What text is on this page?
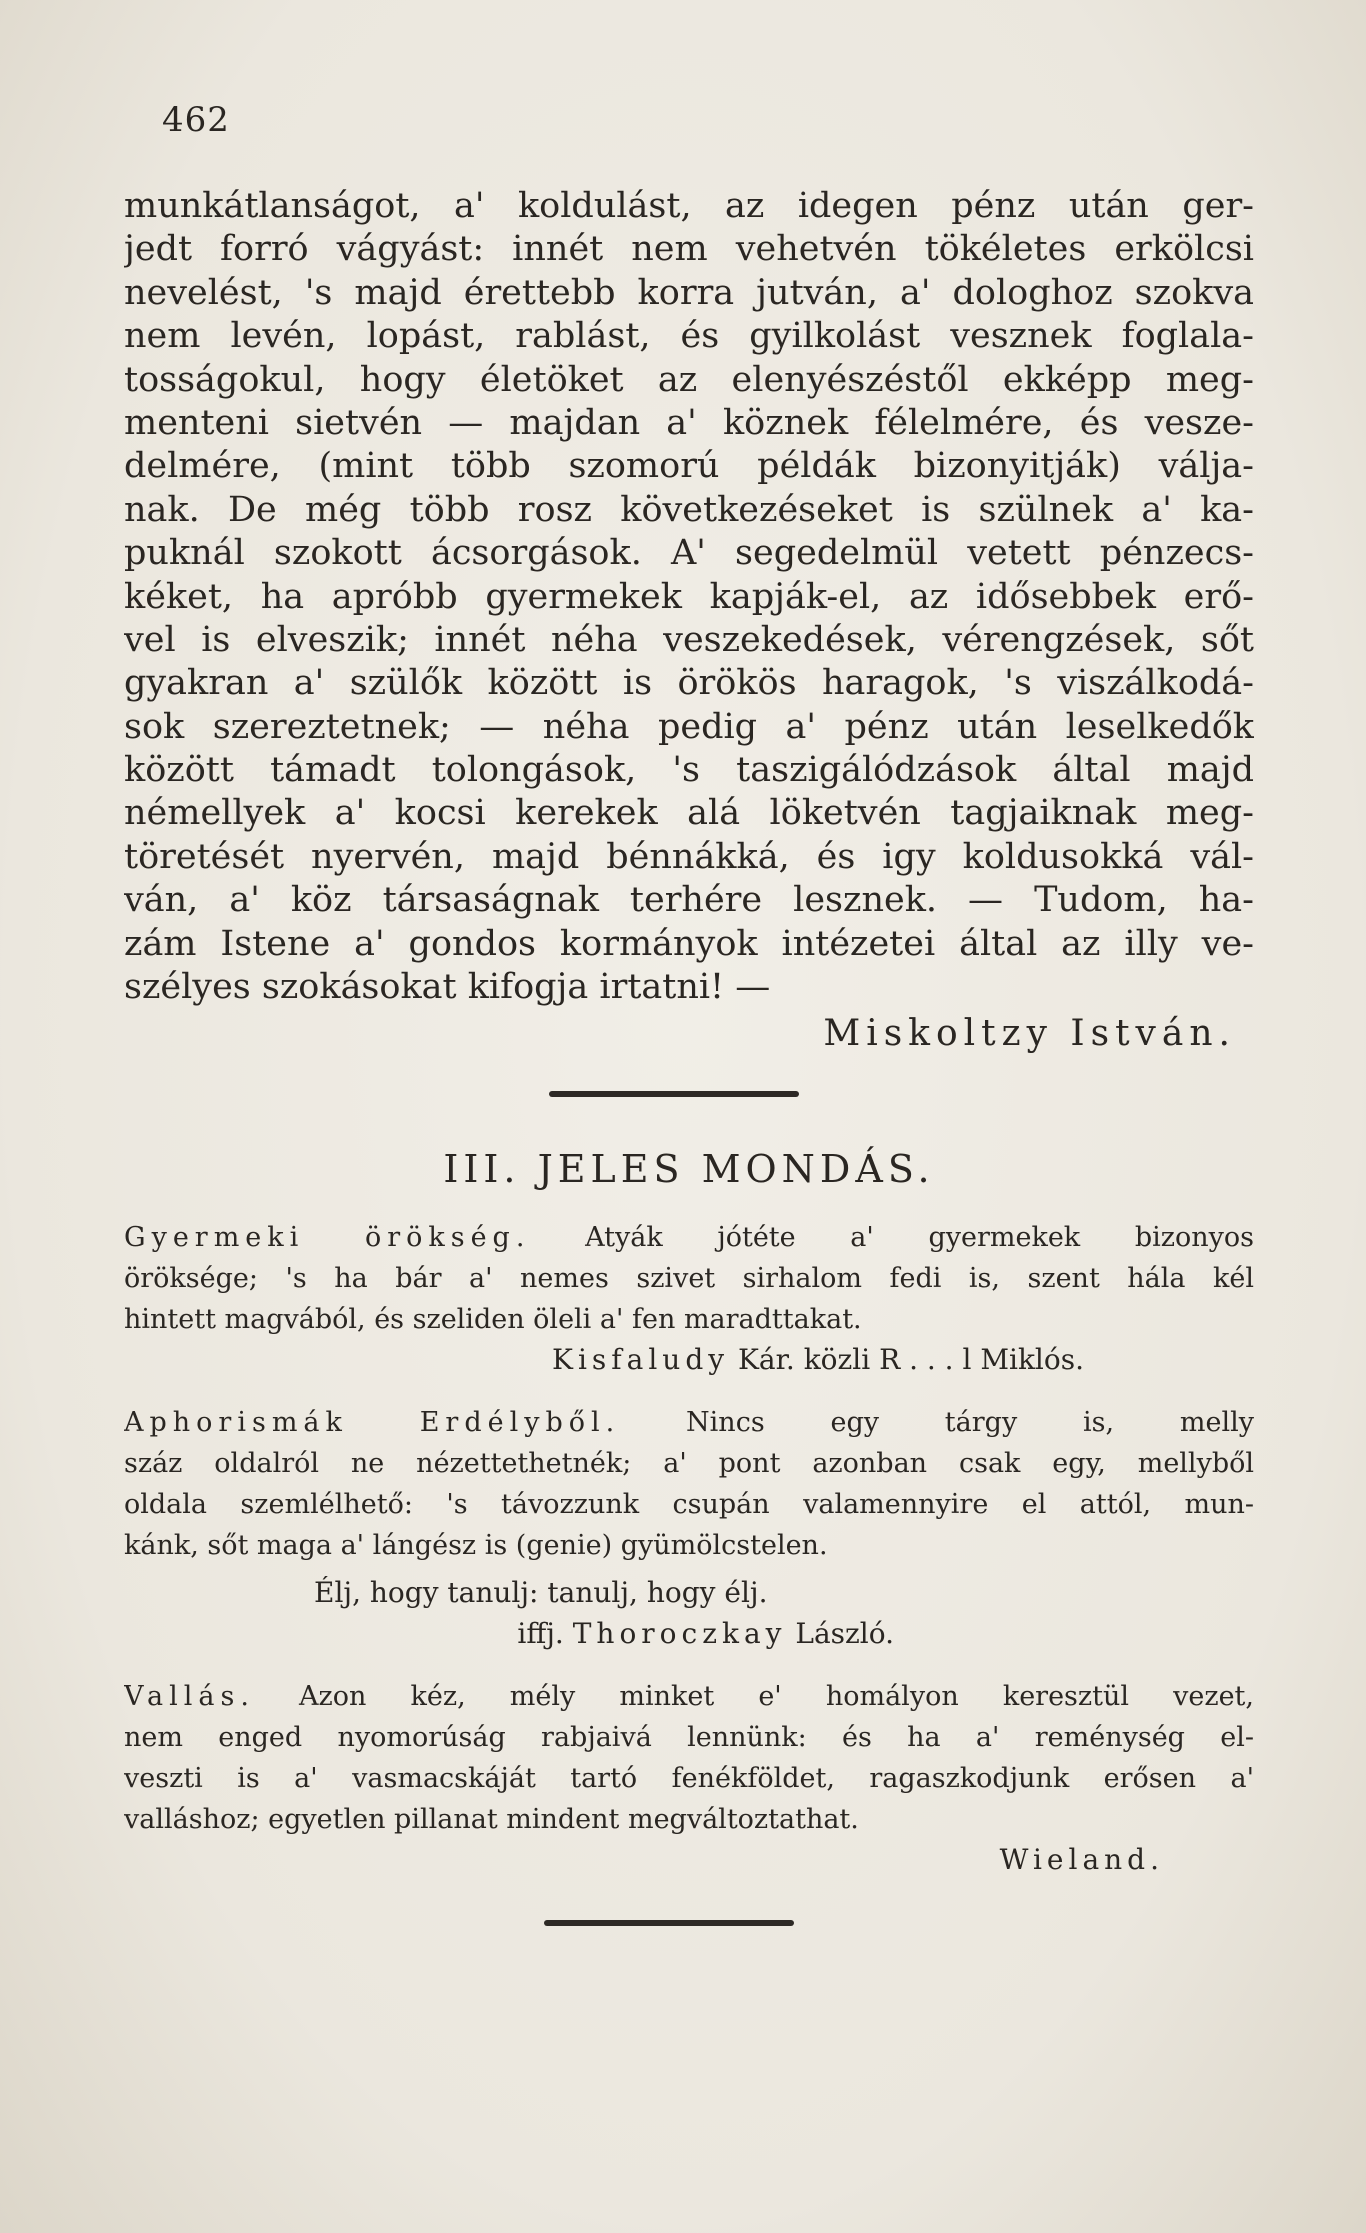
462

munkátlanságot, a' koldulást, az idegen pénz után ger-

jedt forró vágyást: innét nem vehetvén tökéletes erkölcsi

nevelést, 's majd érettebb korra jutván, a' dologhoz szokva

nem levén, lopást, rablást, és gyilkolást vesznek foglala-

tosságokul, hogy életöket az elenyészéstől ekképp meg-

menteni sietvén — majdan a' köznek félelmére, és vesze-

delmére, (mint több szomorú példák bizonyitják) válja-

nak. De még több rosz következéseket is szülnek a' ka-

puknál szokott ácsorgások. A' segedelmül vetett pénzecs-

kéket, ha apróbb gyermekek kapják-el, az idősebbek erő-

vel is elveszik; innét néha veszekedések, vérengzések, sőt

gyakran a' szülők között is örökös haragok, 's viszálkodá-

sok szereztetnek; — néha pedig a' pénz után leselkedők

között támadt tolongások, 's taszigálódzások által majd

némellyek a' kocsi kerekek alá löketvén tagjaiknak meg-

töretését nyervén, majd bénnákká, és igy koldusokká vál-

ván, a' köz társaságnak terhére lesznek. — Tudom, ha-

zám Istene a' gondos kormányok intézetei által az illy ve-

szélyes szokásokat kifogja irtatni! —

Miskoltzy István.
III. JELES MONDÁS.

Gyermeki örökség. Atyák jótéte a' gyermekek bizonyos

öröksége; 's ha bár a' nemes szivet sirhalom fedi is, szent hála kél

hintett magvából, és szeliden öleli a' fen maradttakat.

Kisfaludy Kár. közli R . . . l Miklós.

Aphorismák Erdélyből. Nincs egy tárgy is, melly

száz oldalról ne nézettethetnék; a' pont azonban csak egy, mellyből

oldala szemlélhető: 's távozzunk csupán valamennyire el attól, mun-

kánk, sőt maga a' lángész is (genie) gyümölcstelen.

Élj, hogy tanulj: tanulj, hogy élj.
iffj. Thoroczkay László.

Vallás. Azon kéz, mély minket e' homályon keresztül vezet,

nem enged nyomorúság rabjaivá lennünk: és ha a' reménység el-

veszti is a' vasmacskáját tartó fenékföldet, ragaszkodjunk erősen a'

valláshoz; egyetlen pillanat mindent megváltoztathat.

Wieland.
